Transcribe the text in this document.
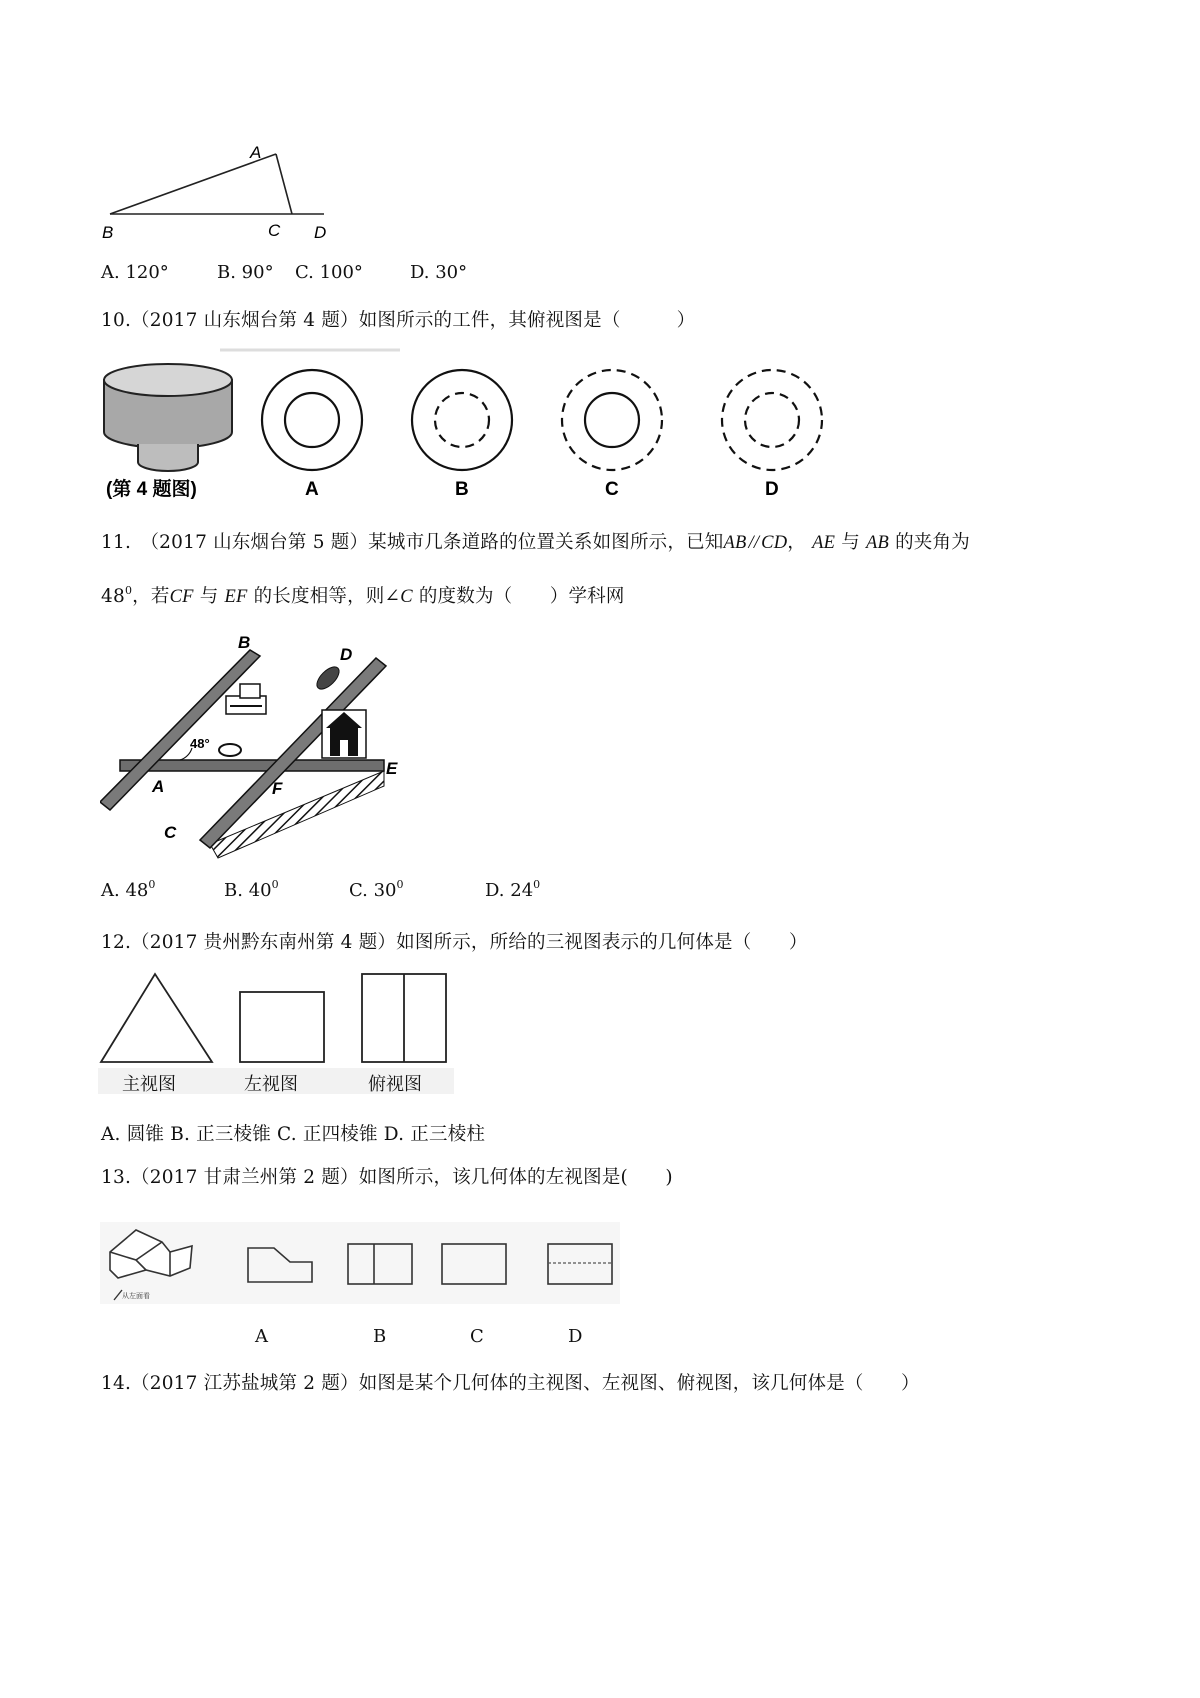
A
B	C D
A. 120°	B. 90° C. 100°	D. 30°
10.（2017 山东烟台第 4 题）如图所示的工件，其俯视图是（　　　）
(第 4 题图)	A	B	C	D
11.　（2017 山东烟台第 5 题）某城市几条道路的位置关系如图所示，已知AB // CD， AE 与 AB 的夹角为
$48^0$，若CF 与 EF 的长度相等，则∠C 的度数为（　　）学科网
48°
B
D
A	F
E
C
A. $48^0$	B. $40^0$	C. $30^0$	D. $24^0$
12.（2017 贵州黔东南州第 4 题）如图所示，所给的三视图表示的几何体是（　　）
主视图	左视图	俯视图
A. 圆锥 B. 正三棱锥 C. 正四棱锥 D. 正三棱柱
13.（2017 甘肃兰州第 2 题）如图所示，该几何体的左视图是(　　)
从左面看
A	B	C	D
14.（2017 江苏盐城第 2 题）如图是某个几何体的主视图、左视图、俯视图，该几何体是（　　）
